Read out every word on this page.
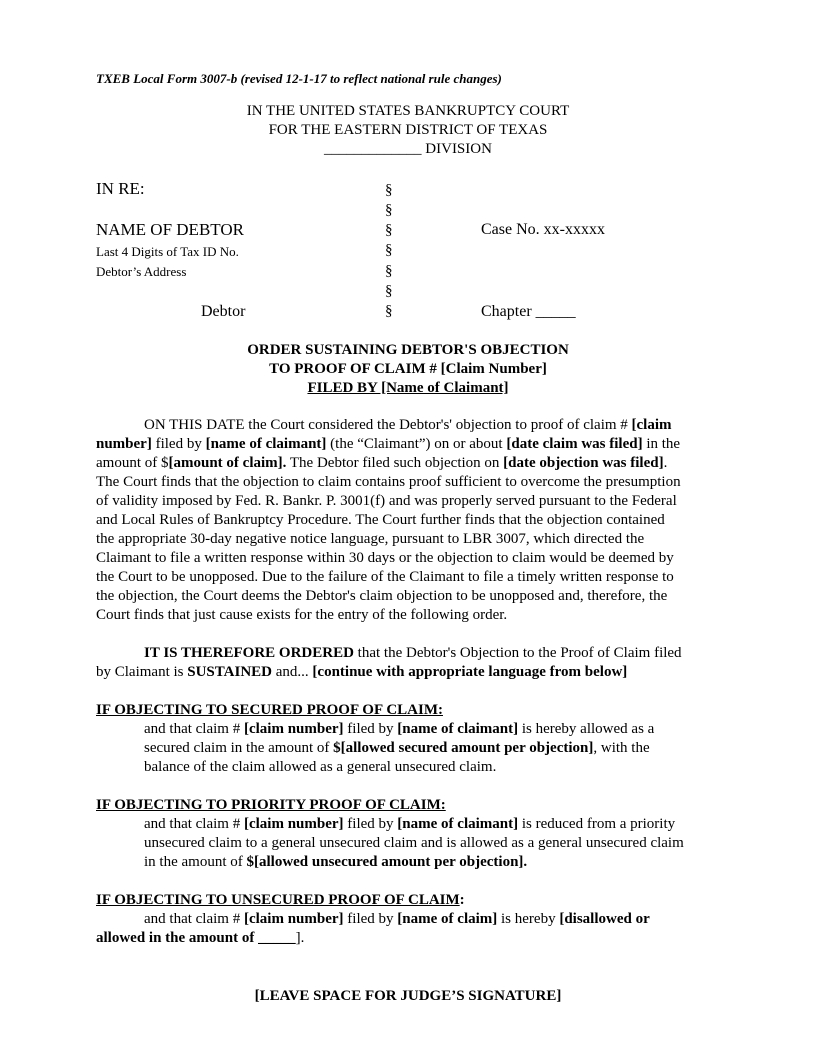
TXEB Local Form 3007-b (revised 12-1-17 to reflect national rule changes)
IN THE UNITED STATES BANKRUPTCY COURT
FOR THE EASTERN DISTRICT OF TEXAS
_____________ DIVISION
IN RE:
NAME OF DEBTOR
Last 4 Digits of Tax ID No.
Debtor’s Address
Debtor
§
§
§
§
§
§
§
Case No. xx-xxxxx
Chapter _____
ORDER SUSTAINING DEBTOR'S OBJECTION
TO PROOF OF CLAIM # [Claim Number]
FILED BY [Name of Claimant]
ON THIS DATE the Court considered the Debtor's' objection to proof of claim # [claim
number] filed by [name of claimant] (the “Claimant”) on or about [date claim was filed] in the
amount of $[amount of claim]. The Debtor filed such objection on [date objection was filed].
The Court finds that the objection to claim contains proof sufficient to overcome the presumption
of validity imposed by Fed. R. Bankr. P. 3001(f) and was properly served pursuant to the Federal
and Local Rules of Bankruptcy Procedure. The Court further finds that the objection contained
the appropriate 30-day negative notice language, pursuant to LBR 3007, which directed the
Claimant to file a written response within 30 days or the objection to claim would be deemed by
the Court to be unopposed. Due to the failure of the Claimant to file a timely written response to
the objection, the Court deems the Debtor's claim objection to be unopposed and, therefore, the
Court finds that just cause exists for the entry of the following order.
IT IS THEREFORE ORDERED that the Debtor's Objection to the Proof of Claim filed
by Claimant is SUSTAINED and... [continue with appropriate language from below]
IF OBJECTING TO SECURED PROOF OF CLAIM:
and that claim # [claim number] filed by [name of claimant] is hereby allowed as a
secured claim in the amount of $[allowed secured amount per objection], with the
balance of the claim allowed as a general unsecured claim.
IF OBJECTING TO PRIORITY PROOF OF CLAIM:
and that claim # [claim number] filed by [name of claimant] is reduced from a priority
unsecured claim to a general unsecured claim and is allowed as a general unsecured claim
in the amount of $[allowed unsecured amount per objection].
IF OBJECTING TO UNSECURED PROOF OF CLAIM:
and that claim # [claim number] filed by [name of claim] is hereby [disallowed or
allowed in the amount of _____].
[LEAVE SPACE FOR JUDGE’S SIGNATURE]
